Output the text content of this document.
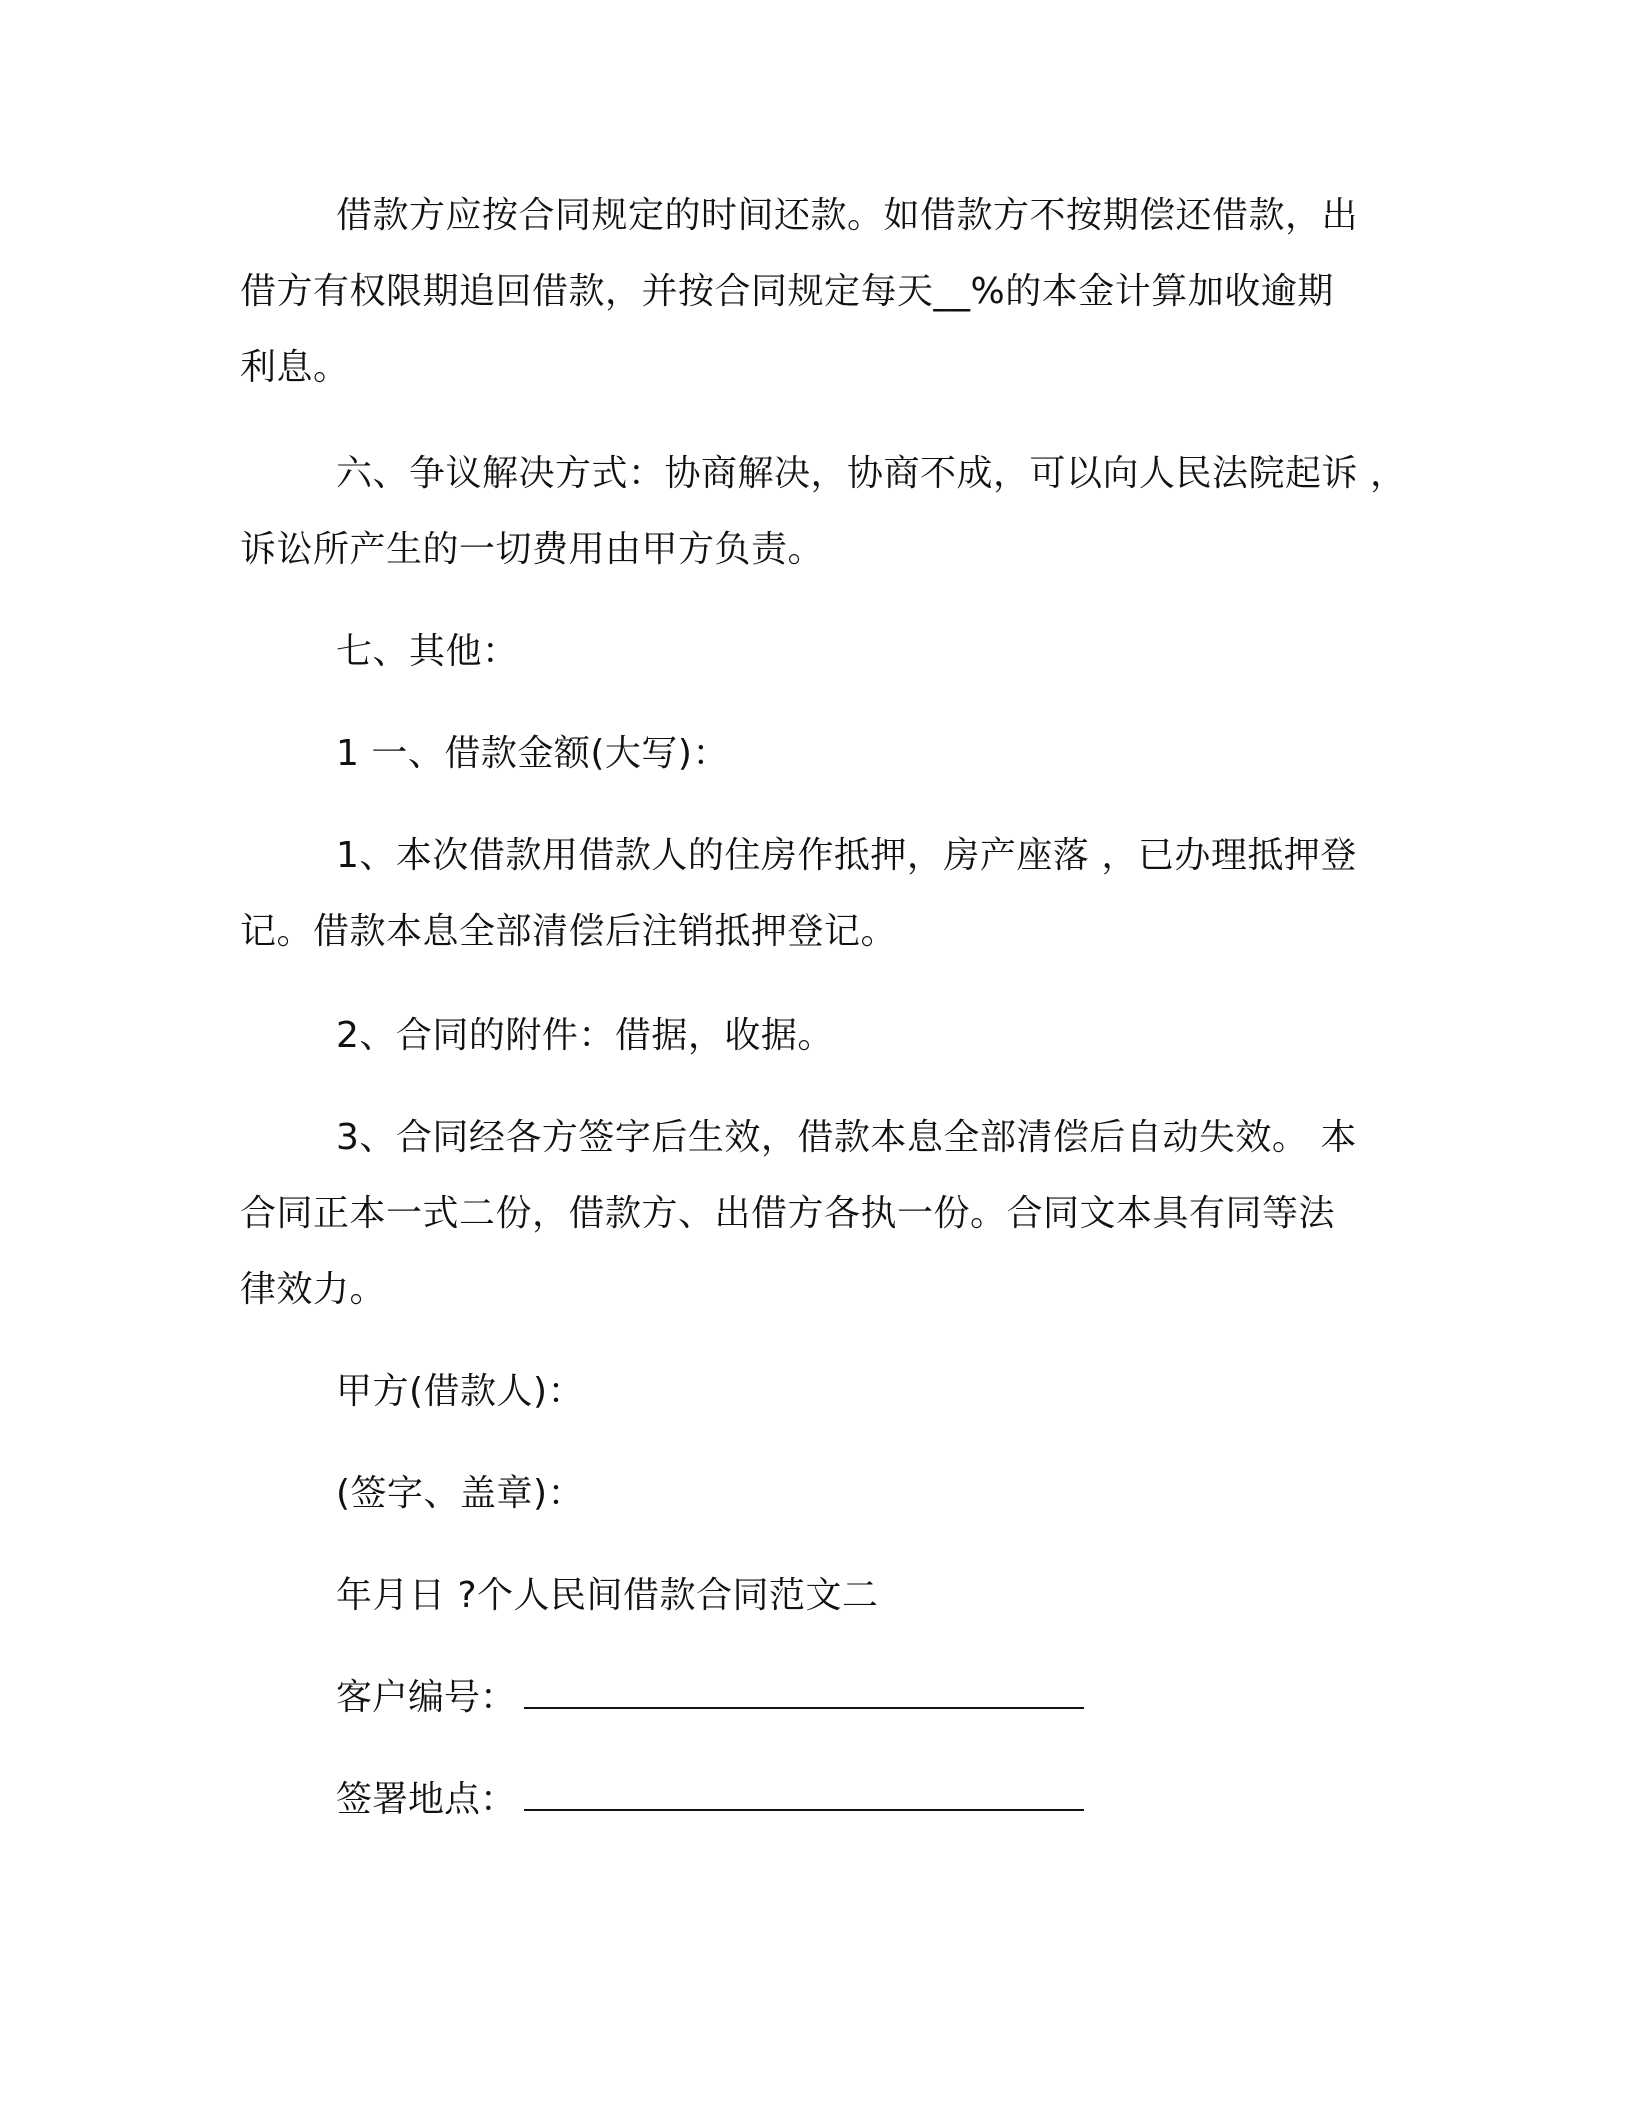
借款方应按合同规定的时间还款。如借款方不按期偿还借款，出
借方有权限期追回借款，并按合同规定每天__%的本金计算加收逾期
利息。
六、争议解决方式：协商解决，协商不成，可以向人民法院起诉 ，
诉讼所产生的一切费用由甲方负责。
七、其他：
1 一、借款金额(大写)：
1、本次借款用借款人的住房作抵押，房产座落 ，已办理抵押登
记。借款本息全部清偿后注销抵押登记。
2、合同的附件：借据，收据。
3、合同经各方签字后生效，借款本息全部清偿后自动失效。 本
合同正本一式二份，借款方、出借方各执一份。合同文本具有同等法
律效力。
甲方(借款人)：
(签字、盖章)：
年月日 ?个人民间借款合同范文二
客户编号：
签署地点：
